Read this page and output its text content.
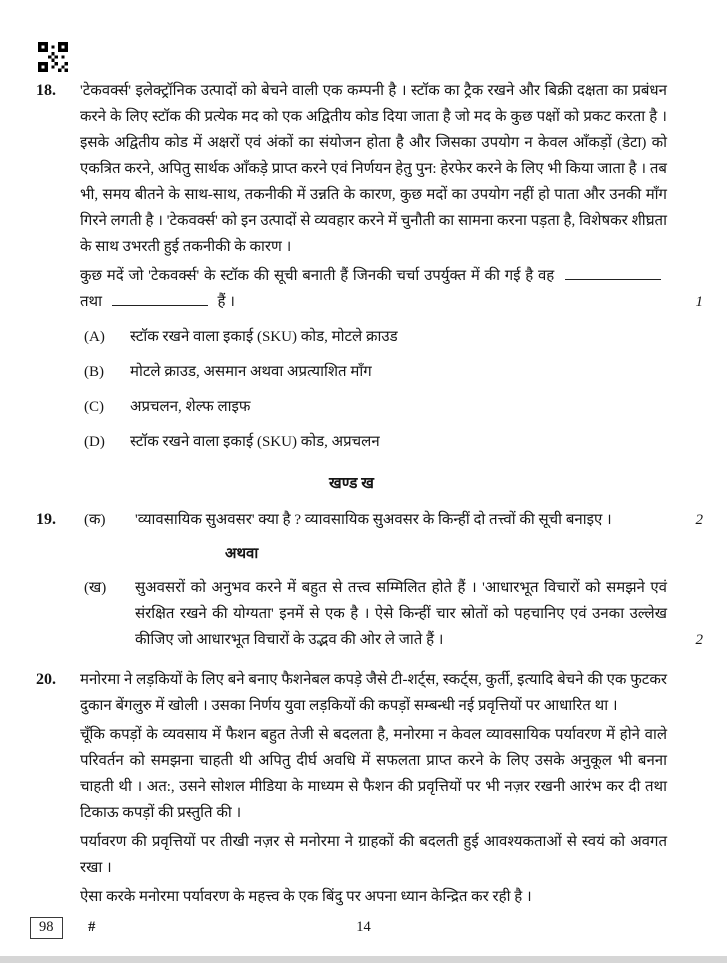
18.	'टेकवर्क्स' इलेक्ट्रॉनिक उत्पादों को बेचने वाली एक कम्पनी है । स्टॉक का ट्रैक रखने और बिक्री दक्षता का प्रबंधन करने के लिए स्टॉक की प्रत्येक मद को एक अद्वितीय कोड दिया जाता है जो मद के कुछ पक्षों को प्रकट करता है । इसके अद्वितीय कोड में अक्षरों एवं अंकों का संयोजन होता है और जिसका उपयोग न केवल आँकड़ों (डेटा) को एकत्रित करने, अपितु सार्थक आँकड़े प्राप्त करने एवं निर्णयन हेतु पुन: हेरफेर करने के लिए भी किया जाता है । तब भी, समय बीतने के साथ-साथ, तकनीकी में उन्नति के कारण, कुछ मदों का उपयोग नहीं हो पाता और उनकी माँग गिरने लगती है । 'टेकवर्क्स' को इन उत्पादों से व्यवहार करने में चुनौती का सामना करना पड़ता है, विशेषकर शीघ्रता के साथ उभरती हुई तकनीकी के कारण ।

कुछ मदें जो 'टेकवर्क्स' के स्टॉक की सूची बनाती हैं जिनकी चर्चा उपर्युक्त में की गई है वह  तथा	हैं ।	1

(A)	स्टॉक रखने वाला इकाई (SKU) कोड, मोटले क्राउड
(B)	मोटले क्राउड, असमान अथवा अप्रत्याशित माँग
(C)	अप्रचलन, शेल्फ लाइफ
(D)	स्टॉक रखने वाला इकाई (SKU) कोड, अप्रचलन
खण्ड ख
19.	(क)	'व्यावसायिक सुअवसर' क्या है ? व्यावसायिक सुअवसर के किन्हीं दो तत्त्वों की सूची बनाइए ।	2
अथवा
(ख)	सुअवसरों को अनुभव करने में बहुत से तत्त्व सम्मिलित होते हैं । 'आधारभूत विचारों को समझने एवं संरक्षित रखने की योग्यता' इनमें से एक है । ऐसे किन्हीं चार स्रोतों को पहचानिए एवं उनका उल्लेख कीजिए जो आधारभूत विचारों के उद्भव की ओर ले जाते हैं ।	2
20.	मनोरमा ने लड़कियों के लिए बने बनाए फैशनेबल कपड़े जैसे टी-शर्ट्स, स्कर्ट्स, कुर्ती, इत्यादि बेचने की एक फुटकर दुकान बेंगलुरु में खोली । उसका निर्णय युवा लड़कियों की कपड़ों सम्बन्धी नई प्रवृत्तियों पर आधारित था ।

चूँकि कपड़ों के व्यवसाय में फैशन बहुत तेजी से बदलता है, मनोरमा न केवल व्यावसायिक पर्यावरण में होने वाले परिवर्तन को समझना चाहती थी अपितु दीर्घ अवधि में सफलता प्राप्त करने के लिए उसके अनुकूल भी बनना चाहती थी । अत:, उसने सोशल मीडिया के माध्यम से फैशन की प्रवृत्तियों पर भी नज़र रखनी आरंभ कर दी तथा टिकाऊ कपड़ों की प्रस्तुति की ।

पर्यावरण की प्रवृत्तियों पर तीखी नज़र से मनोरमा ने ग्राहकों की बदलती हुई आवश्यकताओं से स्वयं को अवगत रखा ।

ऐसा करके मनोरमा पर्यावरण के महत्त्व के एक बिंदु पर अपना ध्यान केन्द्रित कर रही है ।

98 #	14
